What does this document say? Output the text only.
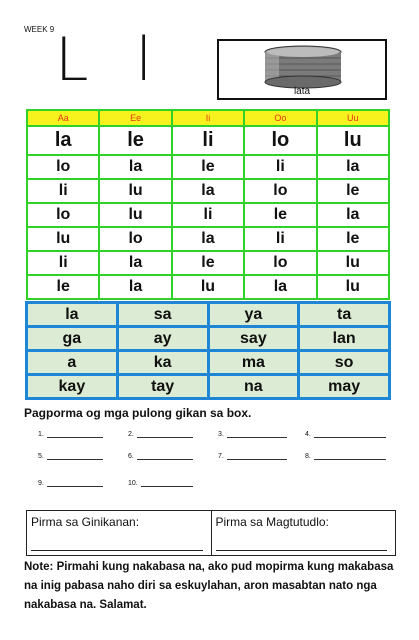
WEEK 9 L l	lata
Aa	Ee	Ii	Oo	Uu
la	le	li	lo	lu
lo	la	le	li	la
li	lu	la	lo	le
lo	lu	li	le	la
lu	lo	la	li	le
li	la	le	lo	lu
le	la	lu	la	lu
la	sa	ya	ta
ga	ay	say	lan
a	ka	ma	so
kay	tay	na	may
Pagporma og mga pulong gikan sa box.
1.	2.	3.	4.
5.	6.	7.	8.
9.	10.
Pirma sa Ginikanan:	Pirma sa Magtutudlo:
Note: Pirmahi kung nakabasa na, ako pud mopirma kung makabasa na inig pabasa naho diri sa eskuylahan, aron masabtan nato nga nakabasa na. Salamat.
